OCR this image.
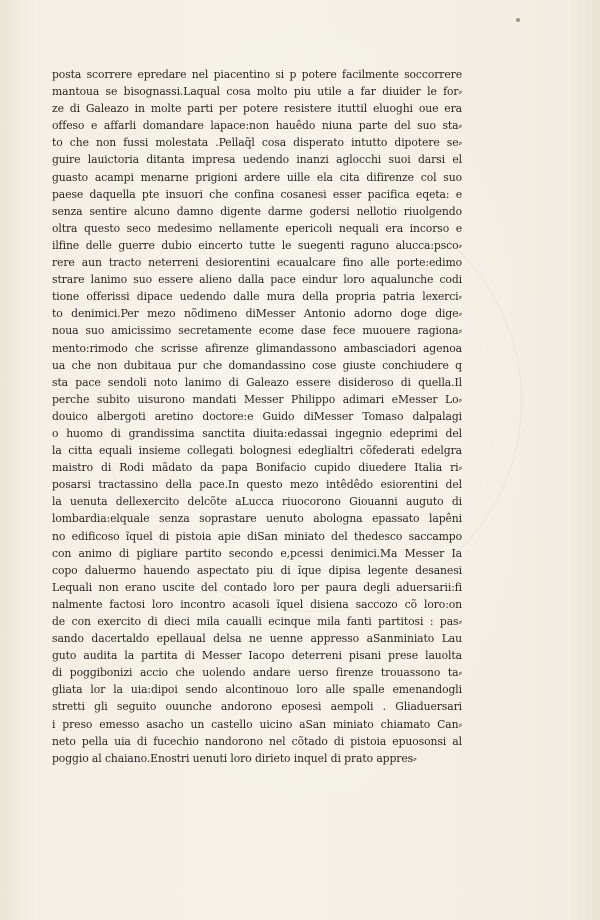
posta scorrere epredare nel piacentino si p potere facilmente soccorrere
mantoua se bisognassi.Laqual cosa molto piu utile a far diuider le for⸗
ze di Galeazo in molte parti per potere resistere ituttil eluoghi oue era
offeso e affarli domandare lapace:non hauêdo niuna parte del suo sta⸗
to che non fussi molestata .Pellaq̃l cosa disperato intutto dipotere se⸗
guire lauictoria ditanta impresa uedendo inanzi aglocchi suoi darsi el
guasto acampi menarne prigioni ardere uille ela cita difirenze col suo
paese daquella pte insuori che confina cosanesi esser pacifica eqeta: e
senza sentire alcuno damno digente darme godersi nellotio riuolgendo
oltra questo seco medesimo nellamente epericoli nequali era incorso e
ilfine delle guerre dubio eincerto tutte le suegenti raguno alucca:psco⸗
rere aun tracto neterreni desiorentini ecaualcare fino alle porte:edimo
strare lanimo suo essere alieno dalla pace eindur loro aqualunche codi
tione offerissi dipace uedendo dalle mura della propria patria lexerci⸗
to denimici.Per mezo nõdimeno diMesser Antonio adorno doge dige⸗
noua suo amicissimo secretamente ecome dase fece muouere ragiona⸗
mento:rimodo che scrisse afirenze glimandassono ambasciadori agenoa
ua che non dubitaua pur che domandassino cose giuste conchiudere q
sta pace sendoli noto lanimo di Galeazo essere disideroso di quella.Il
perche subito uisurono mandati Messer Philippo adimari eMesser Lo⸗
douico albergoti aretino doctore:e Guido diMesser Tomaso dalpalagi
o huomo di grandissima sanctita diuita:edassai ingegnio edeprimi del
la citta equali insieme collegati bolognesi edeglialtri cõfederati edelgra
maistro di Rodi mãdato da papa Bonifacio cupido diuedere Italia ri⸗
posarsi tractassino della pace.In questo mezo intêdêdo esiorentini del
la uenuta dellexercito delcõte aLucca riuocorono Giouanni auguto di
lombardia:elquale senza soprastare uenuto abologna epassato lapêni
no edificoso ĩquel di pistoia apie diSan miniato del thedesco saccampo
con animo di pigliare partito secondo e,pcessi denimici.Ma Messer Ia
copo daluermo hauendo aspectato piu di ĩque dipisa legente desanesi
Lequali non erano uscite del contado loro per paura degli aduersarii:fi
nalmente factosi loro incontro acasoli ĩquel disiena saccozo cõ loro:on
de con exercito di dieci mila caualli ecinque mila fanti partitosi : pas⸗
sando dacertaldo epellaual delsa ne uenne appresso aSanminiato Lau
guto audita la partita di Messer Iacopo deterreni pisani prese lauolta
di poggibonizi accio che uolendo andare uerso firenze trouassono ta⸗
gliata lor la uia:dipoi sendo alcontinouo loro alle spalle emenandogli
stretti gli seguito ouunche andorono eposesi aempoli . Gliaduersari
i preso emesso asacho un castello uicino aSan miniato chiamato Can⸗
neto pella uia di fucechio nandorono nel cõtado di pistoia epuosonsi al
poggio al chaiano.Enostri uenuti loro dirieto inquel di prato appres⸗
